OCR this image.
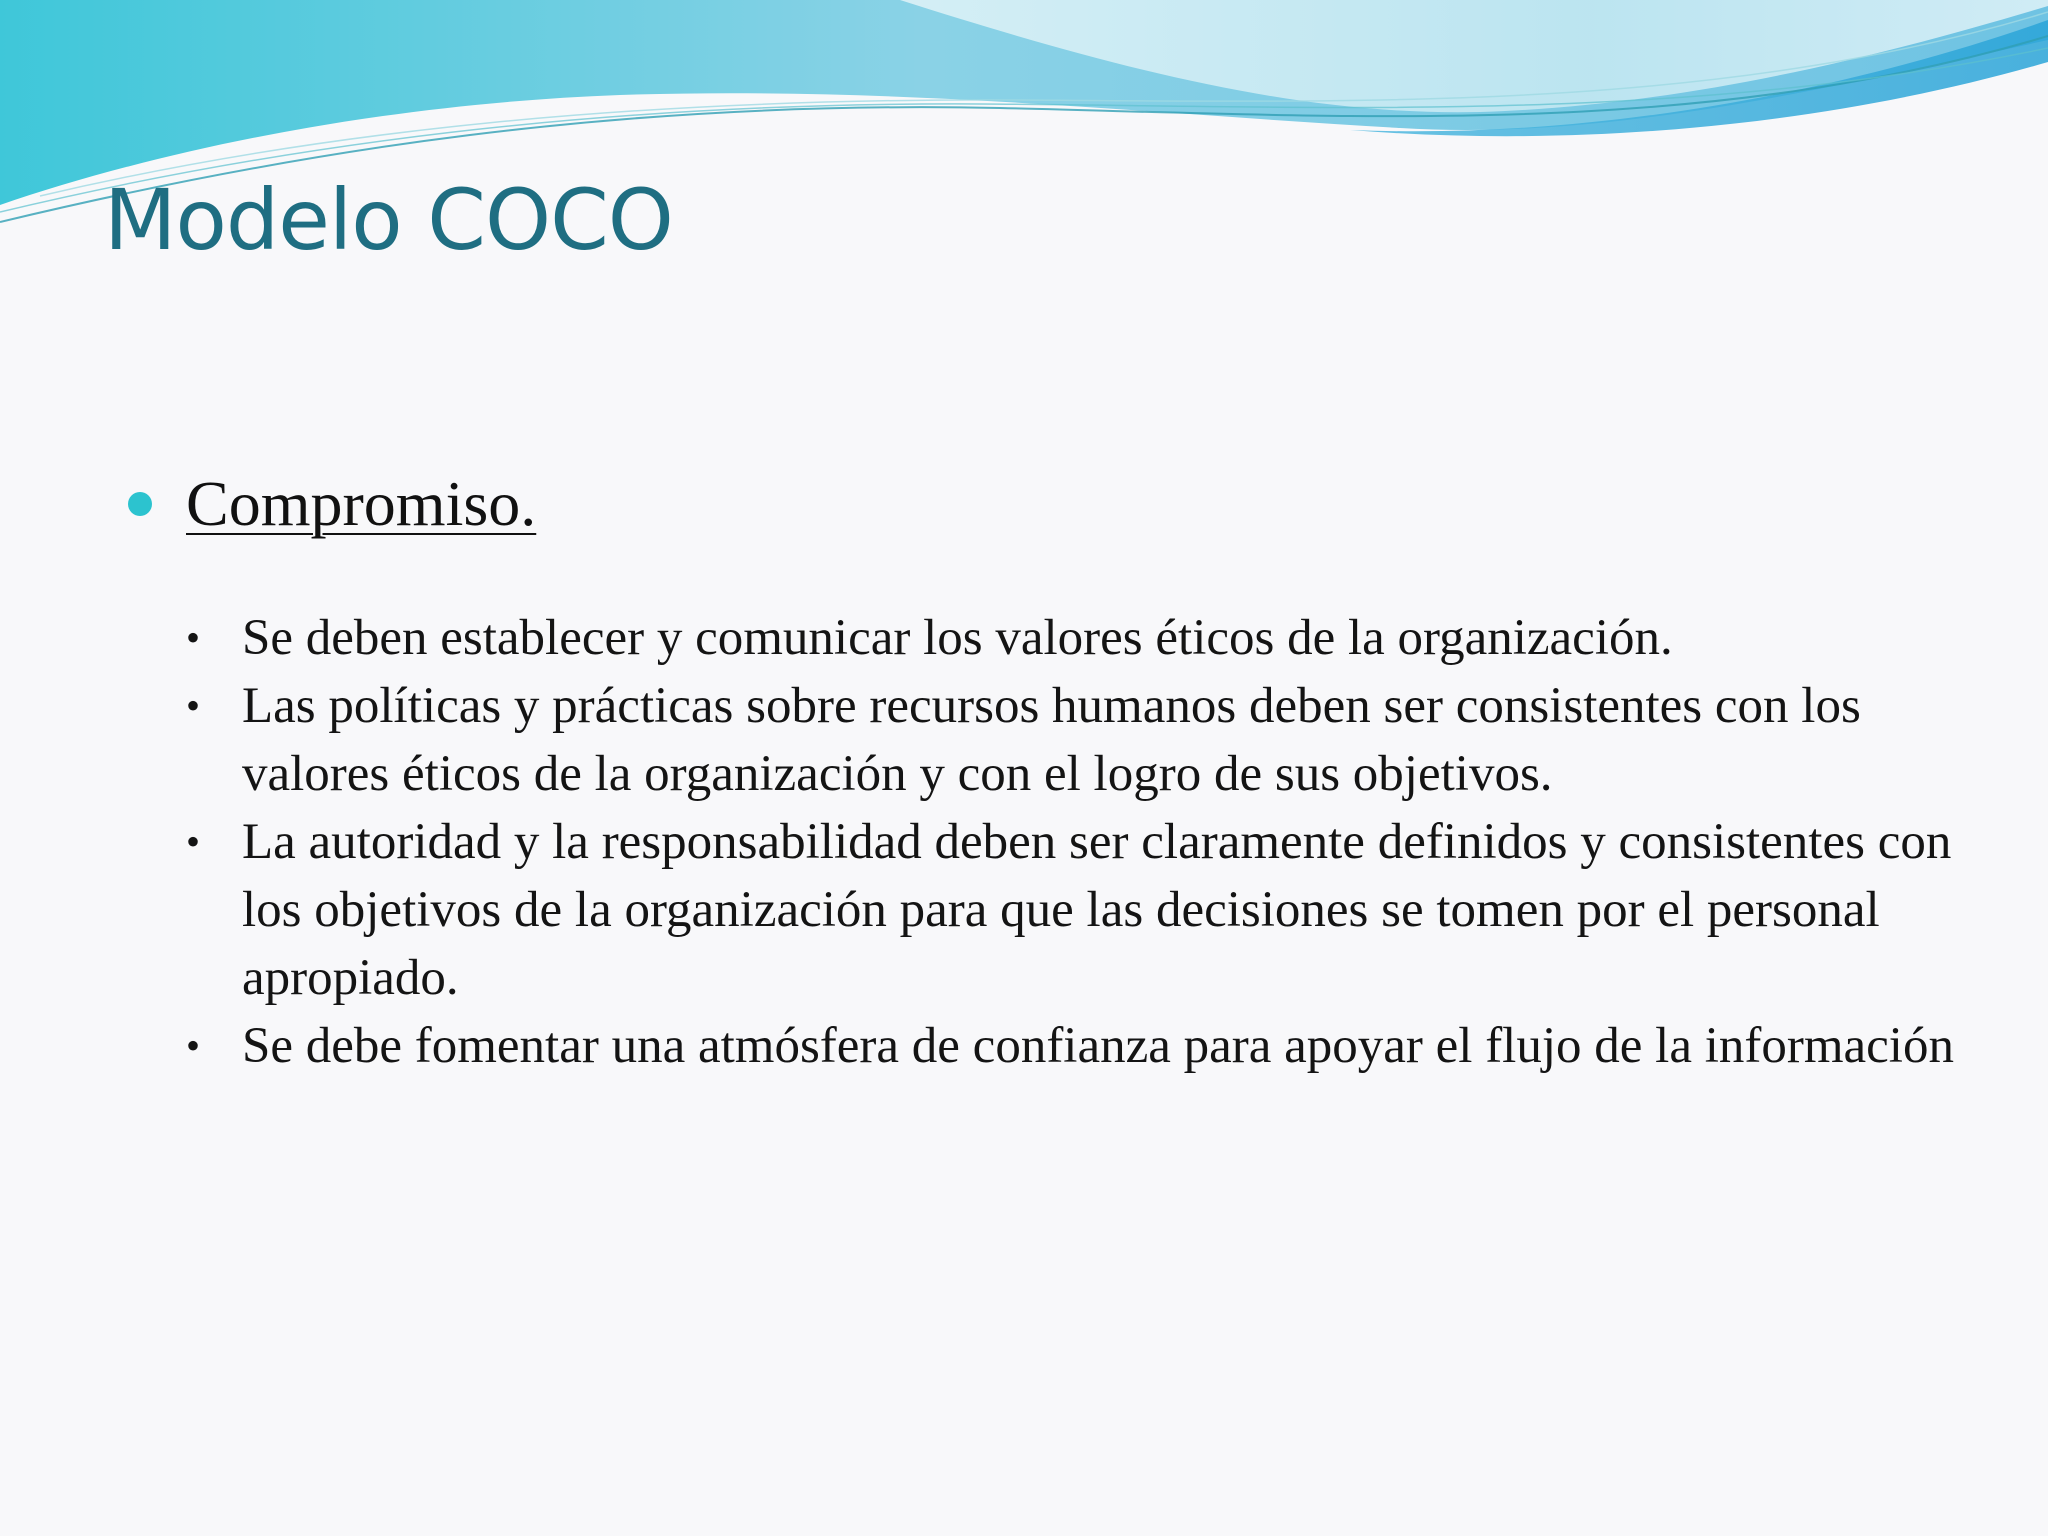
Modelo COCO
Compromiso.
• Se deben establecer y comunicar los valores éticos de la organización.
• Las políticas y prácticas sobre recursos humanos deben ser consistentes con los valores éticos de la organización y con el logro de sus objetivos.
• La autoridad y la responsabilidad deben ser claramente definidos y consistentes con los objetivos de la organización para que las decisiones se tomen por el personal apropiado.
• Se debe fomentar una atmósfera de confianza para apoyar el flujo de la información
